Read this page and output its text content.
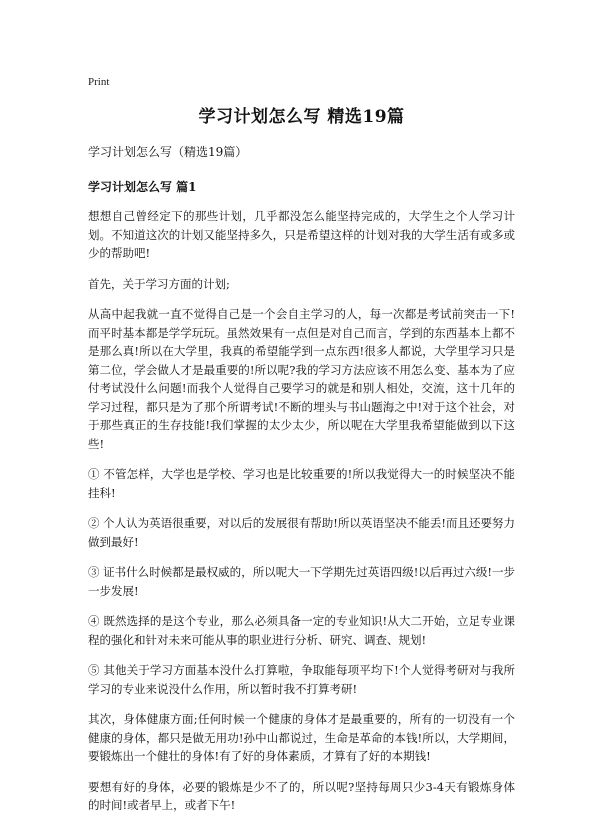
Print
学习计划怎么写 精选19篇
学习计划怎么写（精选19篇）
学习计划怎么写 篇1

想想自己曾经定下的那些计划，几乎都没怎么能坚持完成的，大学生之个人学习计划。不知道这次的计划又能坚持多久，只是希望这样的计划对我的大学生活有或多或少的帮助吧!

首先，关于学习方面的计划;

从高中起我就一直不觉得自己是一个会自主学习的人，每一次都是考试前突击一下!而平时基本都是学学玩玩。虽然效果有一点但是对自己而言，学到的东西基本上都不是那么真!所以在大学里，我真的希望能学到一点东西!很多人都说，大学里学习只是第二位，学会做人才是最重要的!所以呢?我的学习方法应该不用怎么变、基本为了应付考试没什么问题!而我个人觉得自己要学习的就是和别人相处，交流，这十几年的学习过程，都只是为了那个所谓考试!不断的埋头与书山题海之中!对于这个社会，对于那些真正的生存技能!我们掌握的太少太少，所以呢在大学里我希望能做到以下这些!

① 不管怎样，大学也是学校、学习也是比较重要的!所以我觉得大一的时候坚决不能挂科!

② 个人认为英语很重要，对以后的发展很有帮助!所以英语坚决不能丢!而且还要努力做到最好!

③ 证书什么时候都是最权威的，所以呢大一下学期先过英语四级!以后再过六级!一步一步发展!

④ 既然选择的是这个专业，那么必须具备一定的专业知识!从大二开始，立足专业课程的强化和针对未来可能从事的职业进行分析、研究、调查、规划!

⑤ 其他关于学习方面基本没什么打算啦，争取能每项平均下!个人觉得考研对与我所学习的专业来说没什么作用，所以暂时我不打算考研!

其次，身体健康方面;任何时候一个健康的身体才是最重要的，所有的一切没有一个健康的身体，都只是做无用功!孙中山都说过，生命是革命的本钱!所以，大学期间，要锻炼出一个健壮的身体!有了好的身体素质，才算有了好的本期钱!

要想有好的身体，必要的锻炼是少不了的，所以呢?坚持每周只少3-4天有锻炼身体的时间!或者早上，或者下午!
